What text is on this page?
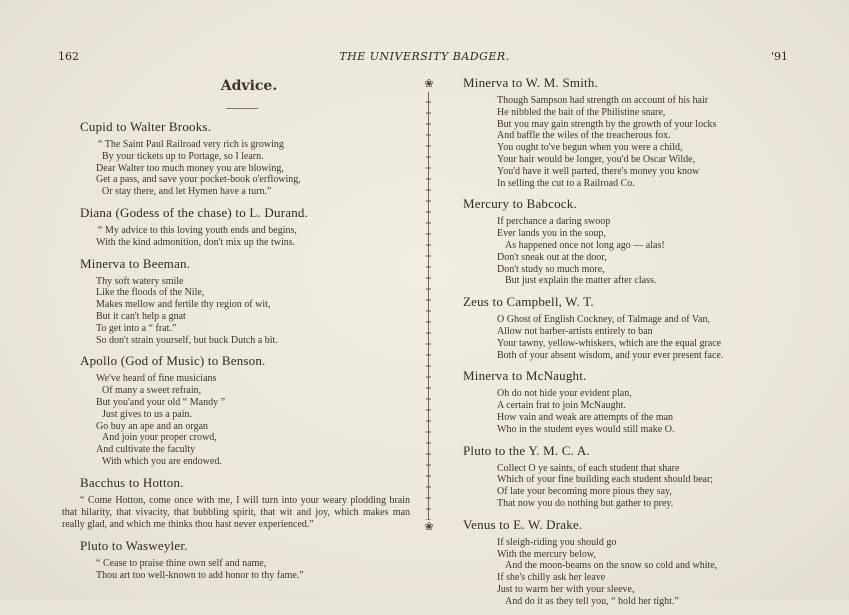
162	THE UNIVERSITY BADGER.	'91
Advice.
Cupid to Walter Brooks.
“ The Saint Paul Railroad very rich is growing
By your tickets up to Portage, so I learn.
Dear Walter too much money you are blowing,
Get a pass, and save your pocket-book o'erflowing,
Or stay there, and let Hymen have a turn.”
Diana (Godess of the chase) to L. Durand.
“ My advice to this loving youth ends and begins,
With the kind admonition, don't mix up the twins.
Minerva to Beeman.
Thy soft watery smile
Like the floods of the Nile,
Makes mellow and fertile thy region of wit,
But it can't help a gnat
To get into a “ frat.”
So don't strain yourself, but buck Dutch a bit.
Apollo (God of Music) to Benson.
We've heard of fine musicians
Of many a sweet refrain,
But you'and your old “ Mandy ”
Just gives to us a pain.
Go buy an ape and an organ
And join your proper crowd,
And cultivate the faculty
With which you are endowed.
Bacchus to Hotton.
“ Come Hotton, come once with me, I will turn into your weary plodding brain that hilarity, that vivacity, that bubbling spirit, that wit and joy, which makes man really glad, and which me thinks thou hast never experienced.”
Pluto to Wasweyler.
“ Cease to praise thine own self and name,
Thou art too well-known to add honor to thy fame.”
❀
❀
Minerva to W. M. Smith.
Though Sampson had strength on account of his hair
He nibbled the bait of the Philistine snare,
But you may gain strength by the growth of your locks
And baffle the wiles of the treacherous fox.
You ought to've begun when you were a child,
Your hair would be longer, you'd be Oscar Wilde,
You'd have it well parted, there's money you know
In selling the cut to a Railroad Co.
Mercury to Babcock.
If perchance a daring swoop
Ever lands you in the soup,
As happened once not long ago — alas!
Don't sneak out at the door,
Don't study so much more,
But just explain the matter after class.
Zeus to Campbell, W. T.
O Ghost of English Cockney, of Talmage and of Van,
Allow not barber-artists entirely to ban
Your tawny, yellow-whiskers, which are the equal grace
Both of your absent wisdom, and your ever present face.
Minerva to McNaught.
Oh do not hide your evident plan,
A certain frat to join McNaught.
How vain and weak are attempts of the man
Who in the student eyes would still make O.
Pluto to the Y. M. C. A.
Collect O ye saints, of each student that share
Which of your fine building each student should bear;
Of late your becoming more pious they say,
That now you do nothing but gather to prey.
Venus to E. W. Drake.
If sleigh-riding you should go
With the mercury below,
And the moon-beams on the snow so cold and white,
If she's chilly ask her leave
Just to warm her with your sleeve,
And do it as they tell you, “ hold her tight.”
